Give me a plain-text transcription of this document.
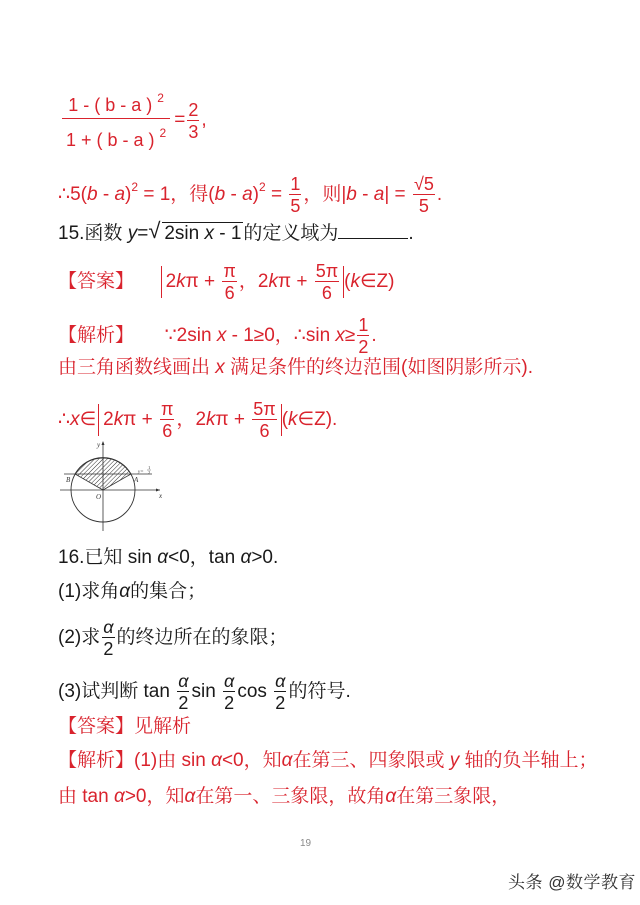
$\frac{1 - ( b - a ) ^2}{1 + ( b - a ) ^2} = \frac{2}{3}$ ,
∴5(b - a)$^2$ = 1，得$(b - a)^2 = \frac{1}{5}$ ，则$|b - a| = \frac{√5}{5}$ .
15.函数 y= √ 2sin x - 1 的定义域为	.
【答案】 $2k\pi + \frac{\pi}{6}$ ，$2k\pi + \frac{5\pi}{6}$ (k∈Z)
【解析】 ∵2sin x - 1≥0，∴sin $x\ge \frac{1}{2}$ .
由三角函数线画出 x 满足条件的终边范围(如图阴影所示).
∴x∈ $2k\pi + \frac{\pi}{6}$ ，$2k\pi + \frac{5\pi}{6}$ (k∈Z).
y
x
O
A
B
y=
1
2
16.已知 sin α<0，tan α>0.
(1)求角α的集合；
(2)求 $\frac{\alpha}{2}$ 的终边所在的象限；
(3)试判断 $\tan \frac{\alpha}{2}$ $\sin \frac{\alpha}{2}$ $\cos \frac{\alpha}{2}$ 的符号.
【答案】见解析
【解析】(1)由 sin α<0，知α在第三、四象限或 y 轴的负半轴上；
由 tan α>0，知α在第一、三象限，故角α在第三象限，
19
头条 @数学教育
